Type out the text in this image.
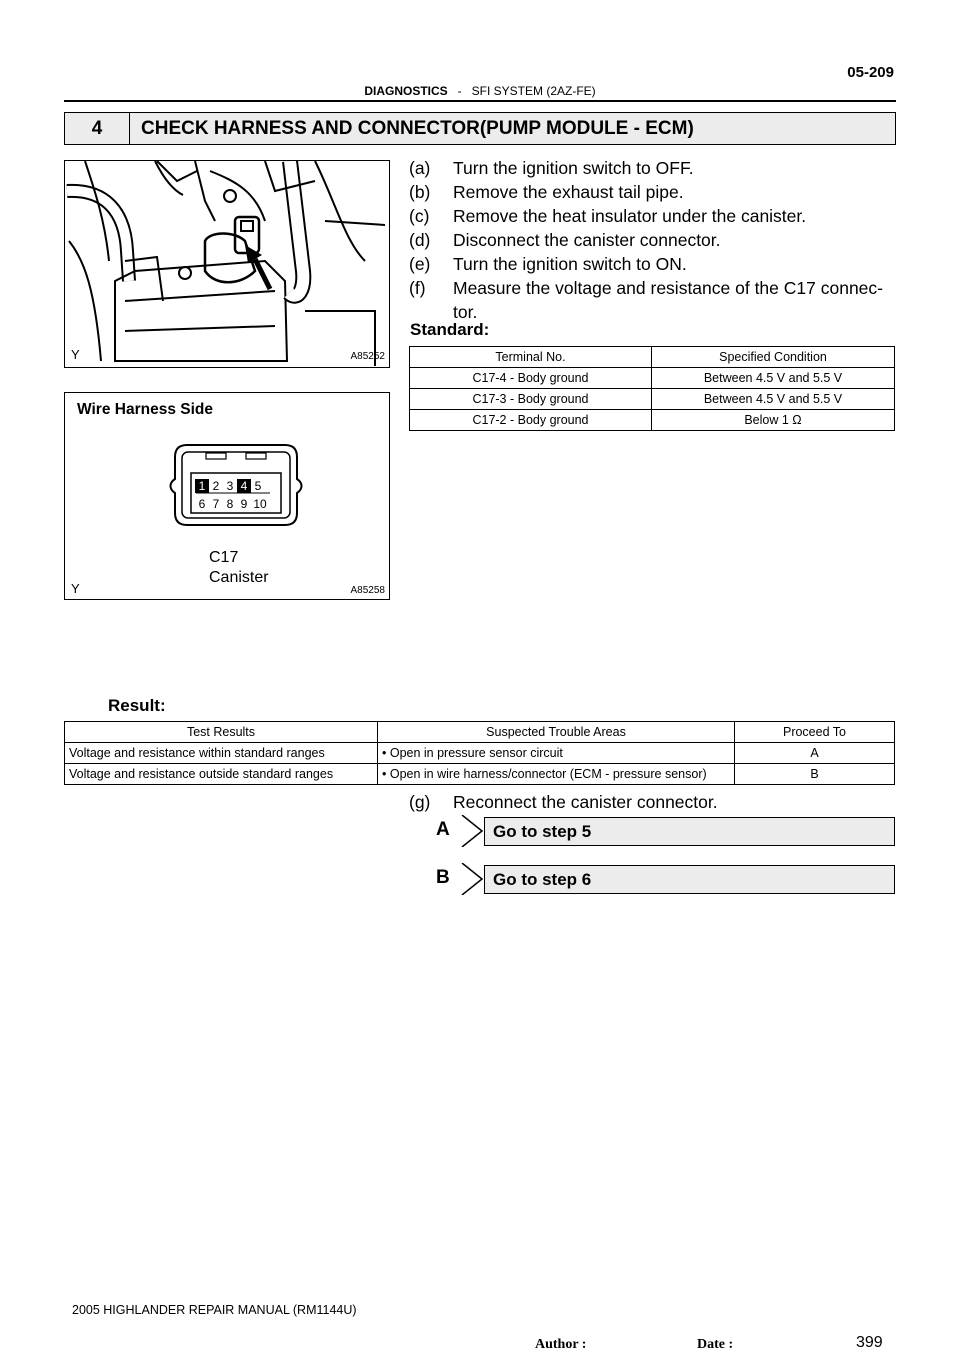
05-209
DIAGNOSTICS - SFI SYSTEM (2AZ-FE)
4	CHECK HARNESS AND CONNECTOR(PUMP MODULE - ECM)
Y	A85252
Wire Harness Side
1 2 3 4 5
6 7 8 9 10
C17
Canister
Y	A85258
(a) Turn the ignition switch to OFF.
(b) Remove the exhaust tail pipe.
(c) Remove the heat insulator under the canister.
(d) Disconnect the canister connector.
(e) Turn the ignition switch to ON.
(f) Measure the voltage and resistance of the C17 connec-
tor.
Standard:
Terminal No.	Specified Condition
C17-4 - Body ground	Between 4.5 V and 5.5 V
C17-3 - Body ground	Between 4.5 V and 5.5 V
C17-2 - Body ground	Below 1 Ω
Result:
Test Results	Suspected Trouble Areas	Proceed To
Voltage and resistance within standard ranges	• Open in pressure sensor circuit	A
Voltage and resistance outside standard ranges	• Open in wire harness/connector (ECM - pressure sensor)	B
(g) Reconnect the canister connector.
A	Go to step 5
B	Go to step 6
2005 HIGHLANDER REPAIR MANUAL (RM1144U)
Author :	Date :	399
